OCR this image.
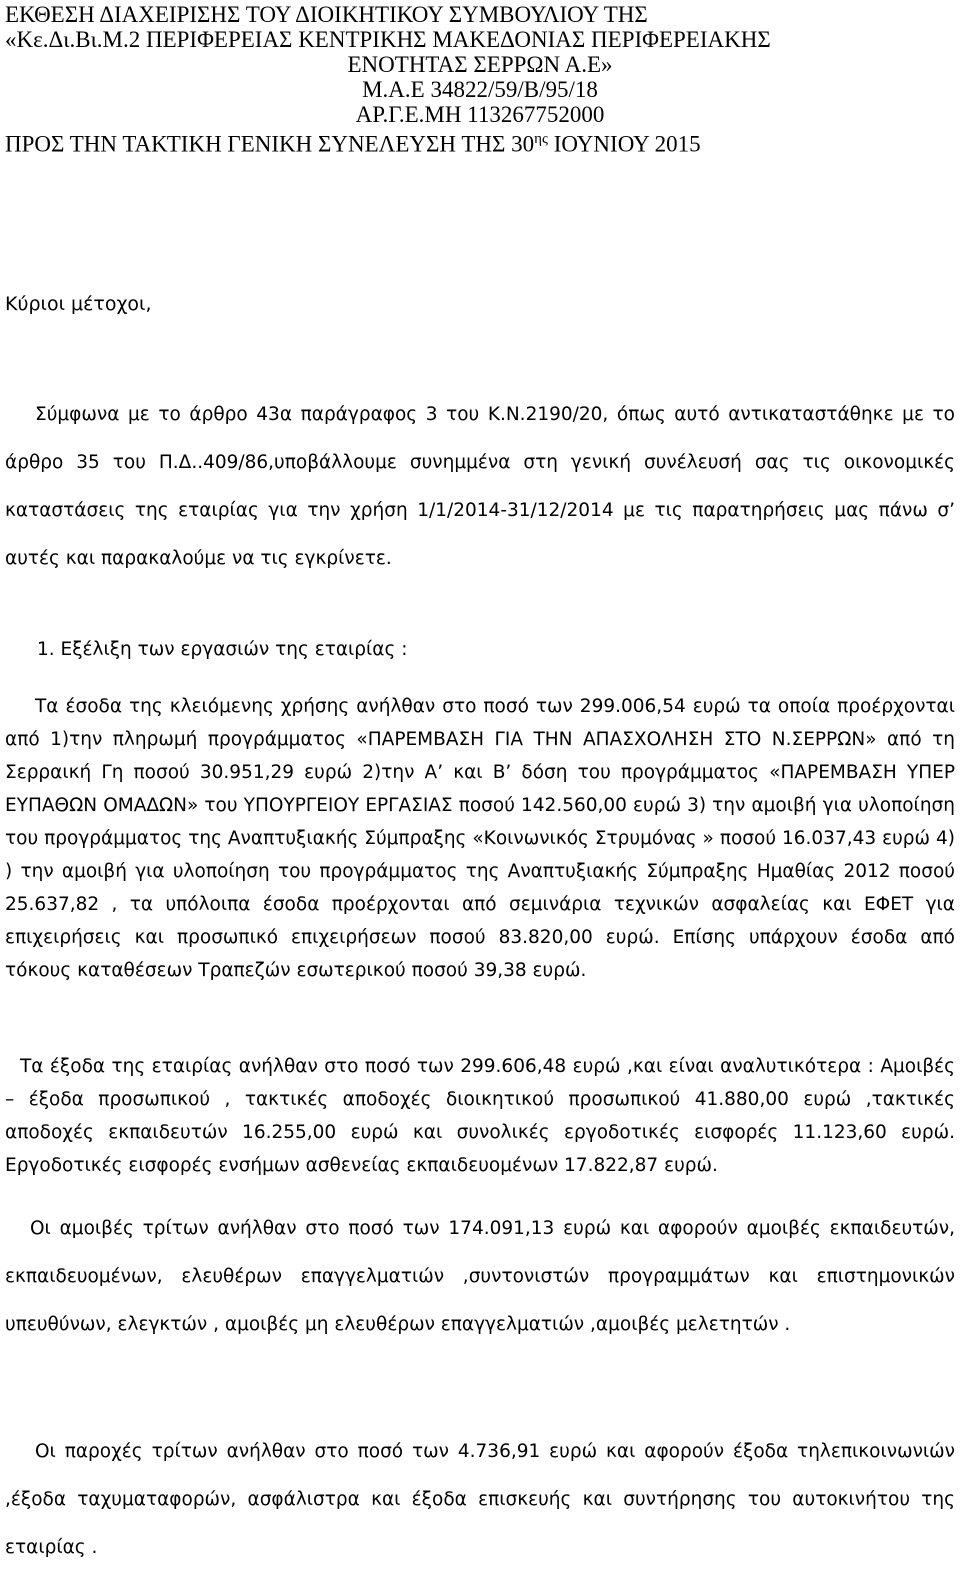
ΕΚΘΕΣΗ ΔΙΑΧΕΙΡΙΣΗΣ ΤΟΥ ΔΙΟΙΚΗΤΙΚΟΥ ΣΥΜΒΟΥΛΙΟΥ ΤΗΣ
«Κε.Δι.Βι.Μ.2 ΠΕΡΙΦΕΡΕΙΑΣ ΚΕΝΤΡΙΚΗΣ ΜΑΚΕΔΟΝΙΑΣ ΠΕΡΙΦΕΡΕΙΑΚΗΣ
ΕΝΟΤΗΤΑΣ ΣΕΡΡΩΝ Α.Ε»
Μ.Α.Ε 34822/59/Β/95/18
ΑΡ.Γ.Ε.ΜΗ 113267752000
ΠΡΟΣ ΤΗΝ ΤΑΚΤΙΚΗ ΓΕΝΙΚΗ ΣΥΝΕΛΕΥΣΗ ΤΗΣ $30^{\eta\varsigma}$ ΙΟΥΝΙΟΥ 2015
Κύριοι μέτοχοι,
Σύμφωνα με το άρθρο 43α παράγραφος 3 του Κ.Ν.2190/20, όπως αυτό αντικαταστάθηκε με το άρθρο 35 του Π.Δ..409/86,υποβάλλουμε συνημμένα στη γενική συνέλευσή σας τις οικονομικές καταστάσεις της εταιρίας για την χρήση 1/1/2014-31/12/2014 με τις παρατηρήσεις μας πάνω σ’ αυτές και παρακαλούμε να τις εγκρίνετε.
1. Εξέλιξη των εργασιών της εταιρίας :
Τα έσοδα της κλειόμενης χρήσης ανήλθαν στο ποσό των 299.006,54 ευρώ τα οποία προέρχονται από 1)την πληρωμή προγράμματος «ΠΑΡΕΜΒΑΣΗ ΓΙΑ ΤΗΝ ΑΠΑΣΧΟΛΗΣΗ ΣΤΟ Ν.ΣΕΡΡΩΝ» από τη Σερραική Γη ποσού 30.951,29 ευρώ 2)την Α’ και Β’ δόση του προγράμματος «ΠΑΡΕΜΒΑΣΗ ΥΠΕΡ ΕΥΠΑΘΩΝ ΟΜΑΔΩΝ» του ΥΠΟΥΡΓΕΙΟΥ ΕΡΓΑΣΙΑΣ ποσού 142.560,00 ευρώ 3) την αμοιβή για υλοποίηση του προγράμματος της Αναπτυξιακής Σύμπραξης «Κοινωνικός Στρυμόνας » ποσού 16.037,43 ευρώ 4) ) την αμοιβή για υλοποίηση του προγράμματος της Αναπτυξιακής Σύμπραξης Ημαθίας 2012 ποσού 25.637,82 , τα υπόλοιπα έσοδα προέρχονται από σεμινάρια τεχνικών ασφαλείας και ΕΦΕΤ για επιχειρήσεις και προσωπικό επιχειρήσεων ποσού 83.820,00 ευρώ. Επίσης υπάρχουν έσοδα από τόκους καταθέσεων Τραπεζών εσωτερικού ποσού 39,38 ευρώ.
Τα έξοδα της εταιρίας ανήλθαν στο ποσό των 299.606,48 ευρώ ,και είναι αναλυτικότερα : Αμοιβές – έξοδα προσωπικού , τακτικές αποδοχές διοικητικού προσωπικού 41.880,00 ευρώ ,τακτικές αποδοχές εκπαιδευτών 16.255,00 ευρώ και συνολικές εργοδοτικές εισφορές 11.123,60 ευρώ. Εργοδοτικές εισφορές ενσήμων ασθενείας εκπαιδευομένων 17.822,87 ευρώ.
Οι αμοιβές τρίτων ανήλθαν στο ποσό των 174.091,13 ευρώ και αφορούν αμοιβές εκπαιδευτών, εκπαιδευομένων, ελευθέρων επαγγελματιών ,συντονιστών προγραμμάτων και επιστημονικών υπευθύνων, ελεγκτών , αμοιβές μη ελευθέρων επαγγελματιών ,αμοιβές μελετητών .
Οι παροχές τρίτων ανήλθαν στο ποσό των 4.736,91 ευρώ και αφορούν έξοδα τηλεπικοινωνιών ,έξοδα ταχυματαφορών, ασφάλιστρα και έξοδα επισκευής και συντήρησης του αυτοκινήτου της εταιρίας .
